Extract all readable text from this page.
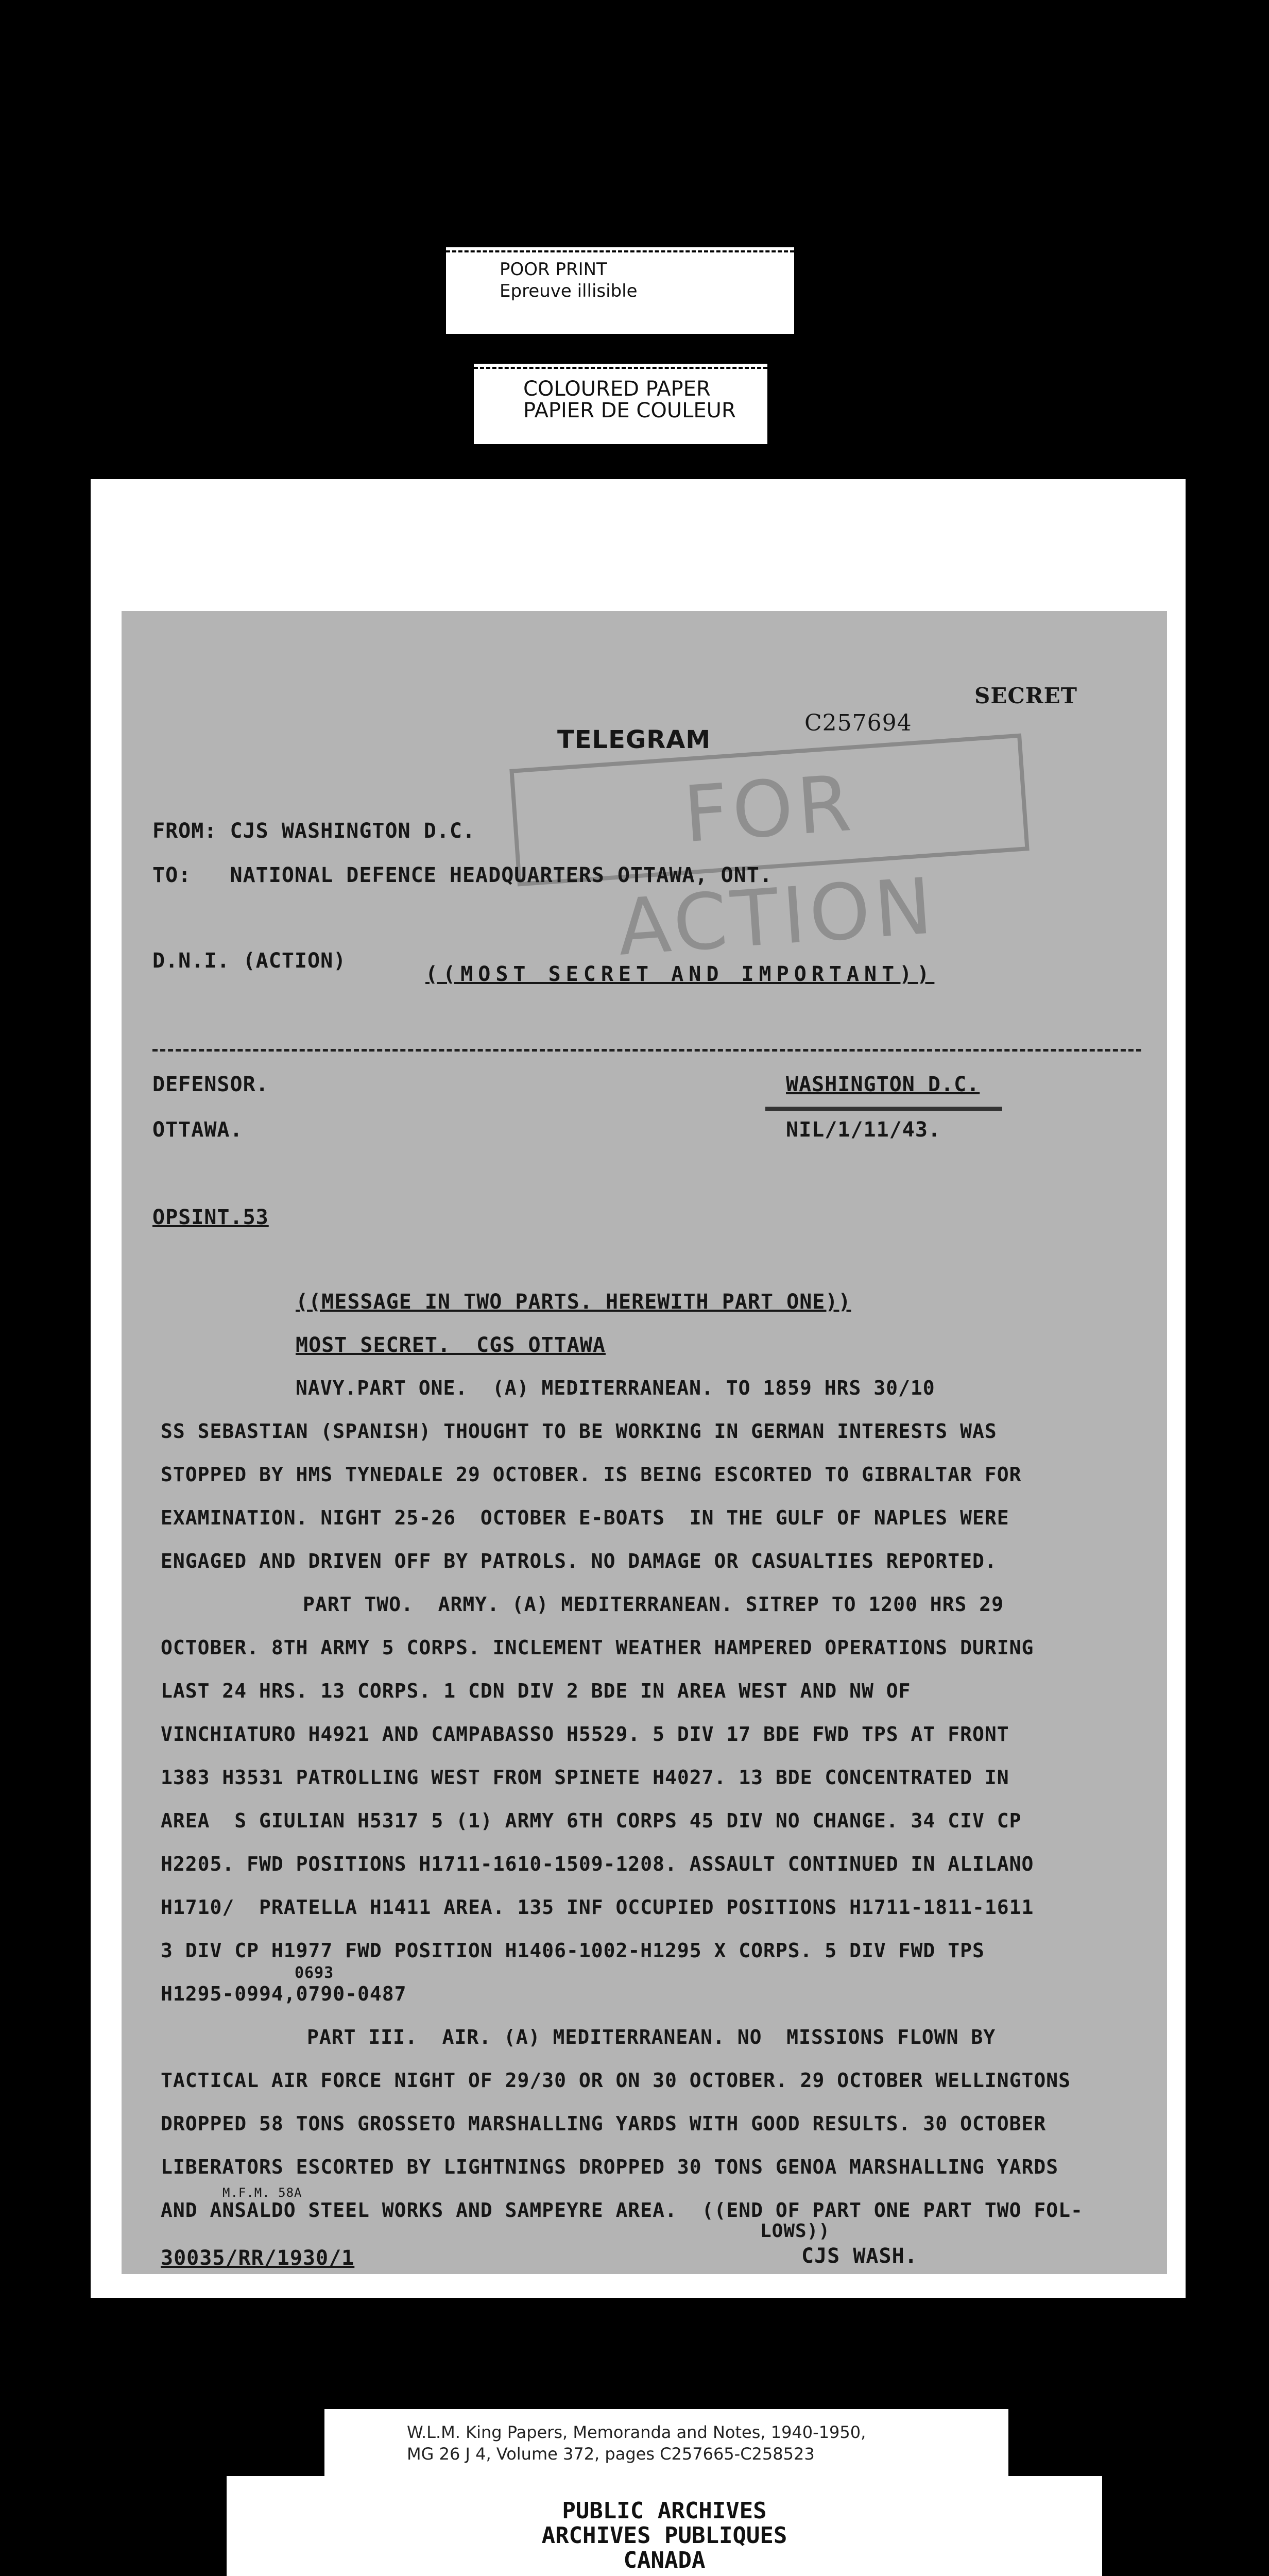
POOR PRINT
Epreuve illisible
COLOURED PAPER
PAPIER DE COULEUR
SECRET
TELEGRAM
C257694
FOR ACTION
FROM: CJS WASHINGTON D.C.
TO:   NATIONAL DEFENCE HEADQUARTERS OTTAWA, ONT.
D.N.I. (ACTION)
((MOST SECRET AND IMPORTANT))
DEFENSOR.
OTTAWA.
WASHINGTON D.C.
NIL/1/11/43.
OPSINT.53
((MESSAGE IN TWO PARTS. HEREWITH PART ONE))
MOST SECRET.  CGS OTTAWA
NAVY.PART ONE.  (A) MEDITERRANEAN. TO 1859 HRS 30/10
SS SEBASTIAN (SPANISH) THOUGHT TO BE WORKING IN GERMAN INTERESTS WAS
STOPPED BY HMS TYNEDALE 29 OCTOBER. IS BEING ESCORTED TO GIBRALTAR FOR
EXAMINATION. NIGHT 25-26  OCTOBER E-BOATS  IN THE GULF OF NAPLES WERE
ENGAGED AND DRIVEN OFF BY PATROLS. NO DAMAGE OR CASUALTIES REPORTED.
PART TWO.  ARMY. (A) MEDITERRANEAN. SITREP TO 1200 HRS 29
OCTOBER. 8TH ARMY 5 CORPS. INCLEMENT WEATHER HAMPERED OPERATIONS DURING
LAST 24 HRS. 13 CORPS. 1 CDN DIV 2 BDE IN AREA WEST AND NW OF
VINCHIATURO H4921 AND CAMPABASSO H5529. 5 DIV 17 BDE FWD TPS AT FRONT
1383 H3531 PATROLLING WEST FROM SPINETE H4027. 13 BDE CONCENTRATED IN
AREA  S GIULIAN H5317 5 (1) ARMY 6TH CORPS 45 DIV NO CHANGE. 34 CIV CP
H2205. FWD POSITIONS H1711-1610-1509-1208. ASSAULT CONTINUED IN ALILANO
H1710/  PRATELLA H1411 AREA. 135 INF OCCUPIED POSITIONS H1711-1811-1611
3 DIV CP H1977 FWD POSITION H1406-1002-H1295 X CORPS. 5 DIV FWD TPS
0693
H1295-0994,0790-0487
PART III.  AIR. (A) MEDITERRANEAN. NO  MISSIONS FLOWN BY
TACTICAL AIR FORCE NIGHT OF 29/30 OR ON 30 OCTOBER. 29 OCTOBER WELLINGTONS
DROPPED 58 TONS GROSSETO MARSHALLING YARDS WITH GOOD RESULTS. 30 OCTOBER
LIBERATORS ESCORTED BY LIGHTNINGS DROPPED 30 TONS GENOA MARSHALLING YARDS
M.F.M. 58A
AND ANSALDO STEEL WORKS AND SAMPEYRE AREA.  ((END OF PART ONE PART TWO FOL-
LOWS))
30035/RR/1930/1	CJS WASH.
W.L.M. King Papers, Memoranda and Notes, 1940-1950,
MG 26 J 4, Volume 372, pages C257665-C258523
PUBLIC ARCHIVES
ARCHIVES PUBLIQUES
CANADA
